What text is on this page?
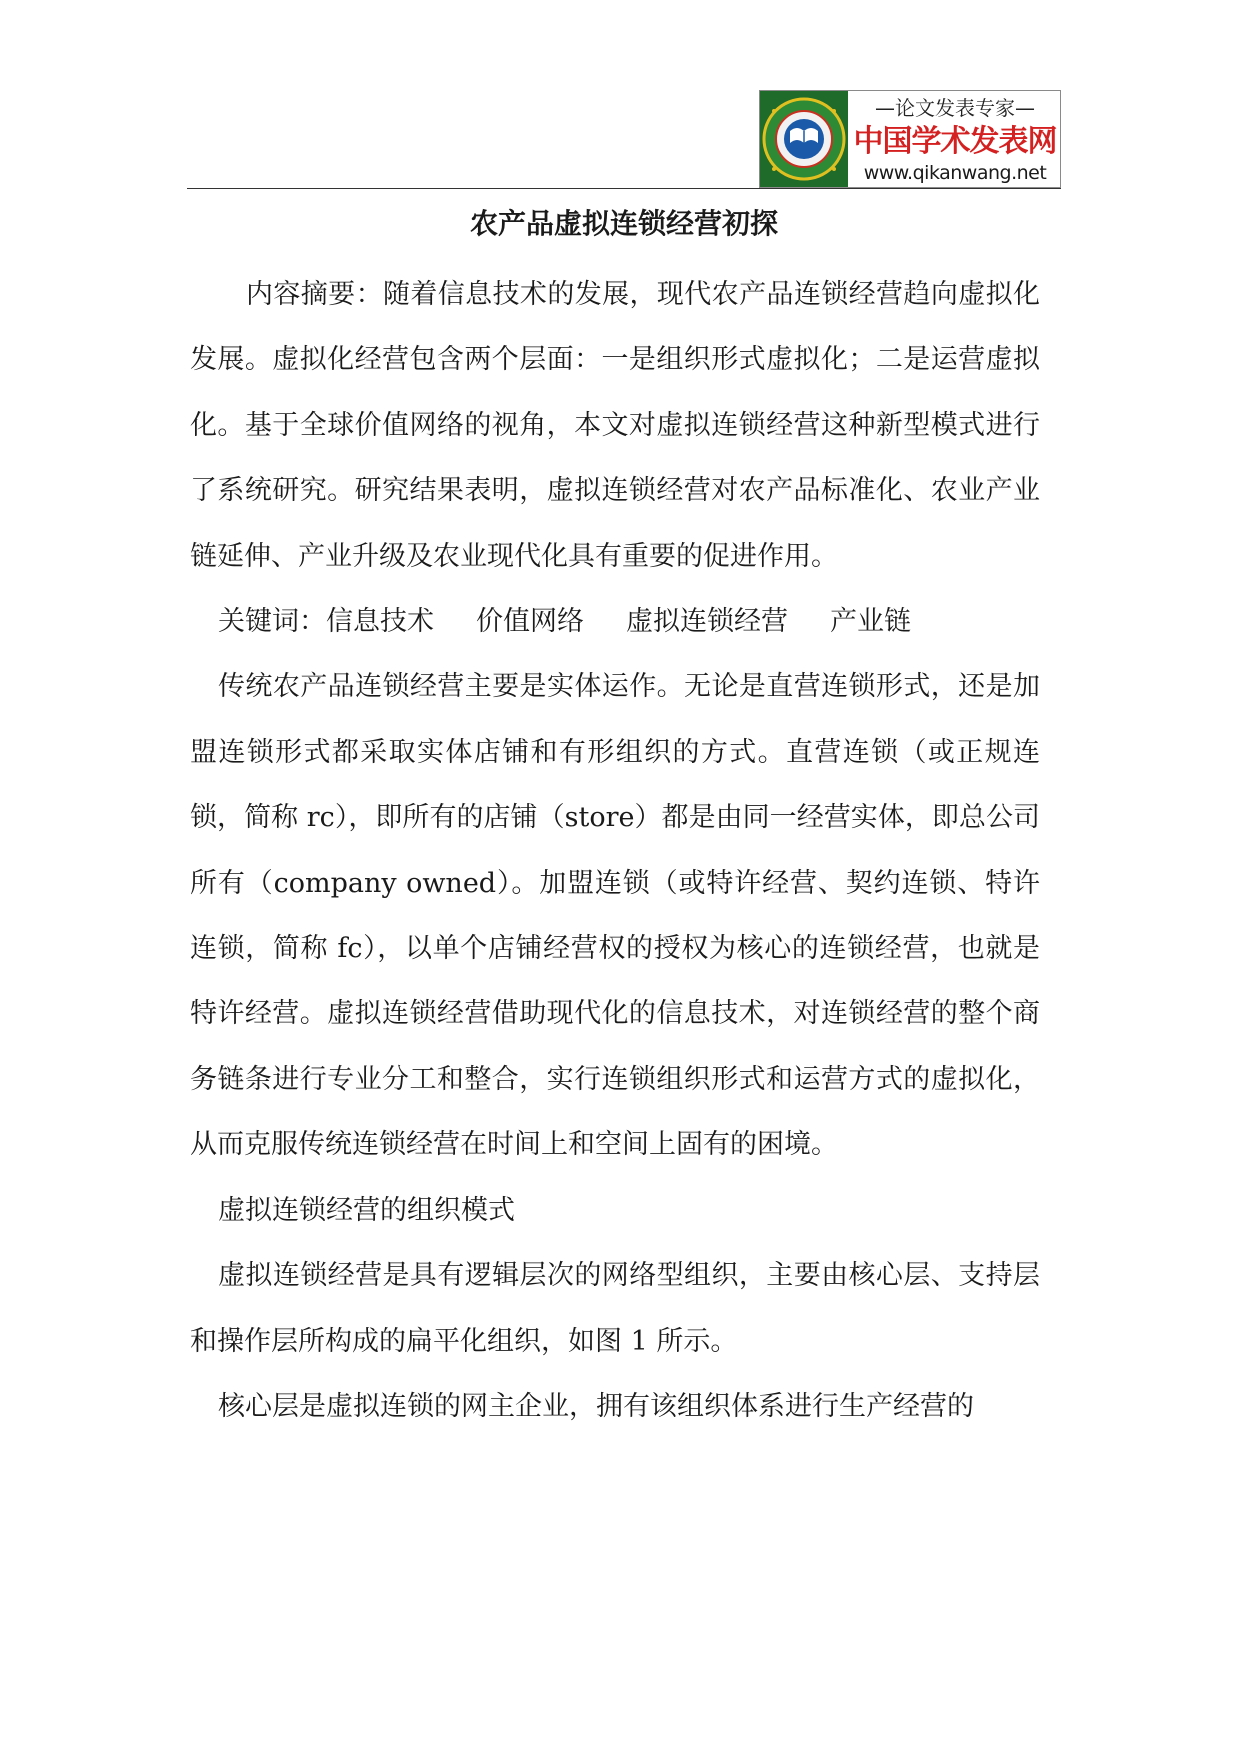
—论文发表专家—
中国学术发表网
www.qikanwang.net
农产品虚拟连锁经营初探

内容摘要：随着信息技术的发展，现代农产品连锁经营趋向虚拟化发展。虚拟化经营包含两个层面：一是组织形式虚拟化；二是运营虚拟化。基于全球价值网络的视角，本文对虚拟连锁经营这种新型模式进行了系统研究。研究结果表明，虚拟连锁经营对农产品标准化、农业产业链延伸、产业升级及农业现代化具有重要的促进作用。

关键词：信息技术 价值网络 虚拟连锁经营 产业链

传统农产品连锁经营主要是实体运作。无论是直营连锁形式，还是加盟连锁形式都采取实体店铺和有形组织的方式。直营连锁（或正规连锁，简称 rc），即所有的店铺（store）都是由同一经营实体，即总公司所有（company owned）。加盟连锁（或特许经营、契约连锁、特许连锁，简称 fc），以单个店铺经营权的授权为核心的连锁经营，也就是特许经营。虚拟连锁经营借助现代化的信息技术，对连锁经营的整个商务链条进行专业分工和整合，实行连锁组织形式和运营方式的虚拟化，从而克服传统连锁经营在时间上和空间上固有的困境。

虚拟连锁经营的组织模式

虚拟连锁经营是具有逻辑层次的网络型组织，主要由核心层、支持层和操作层所构成的扁平化组织，如图 1 所示。

核心层是虚拟连锁的网主企业，拥有该组织体系进行生产经营的
